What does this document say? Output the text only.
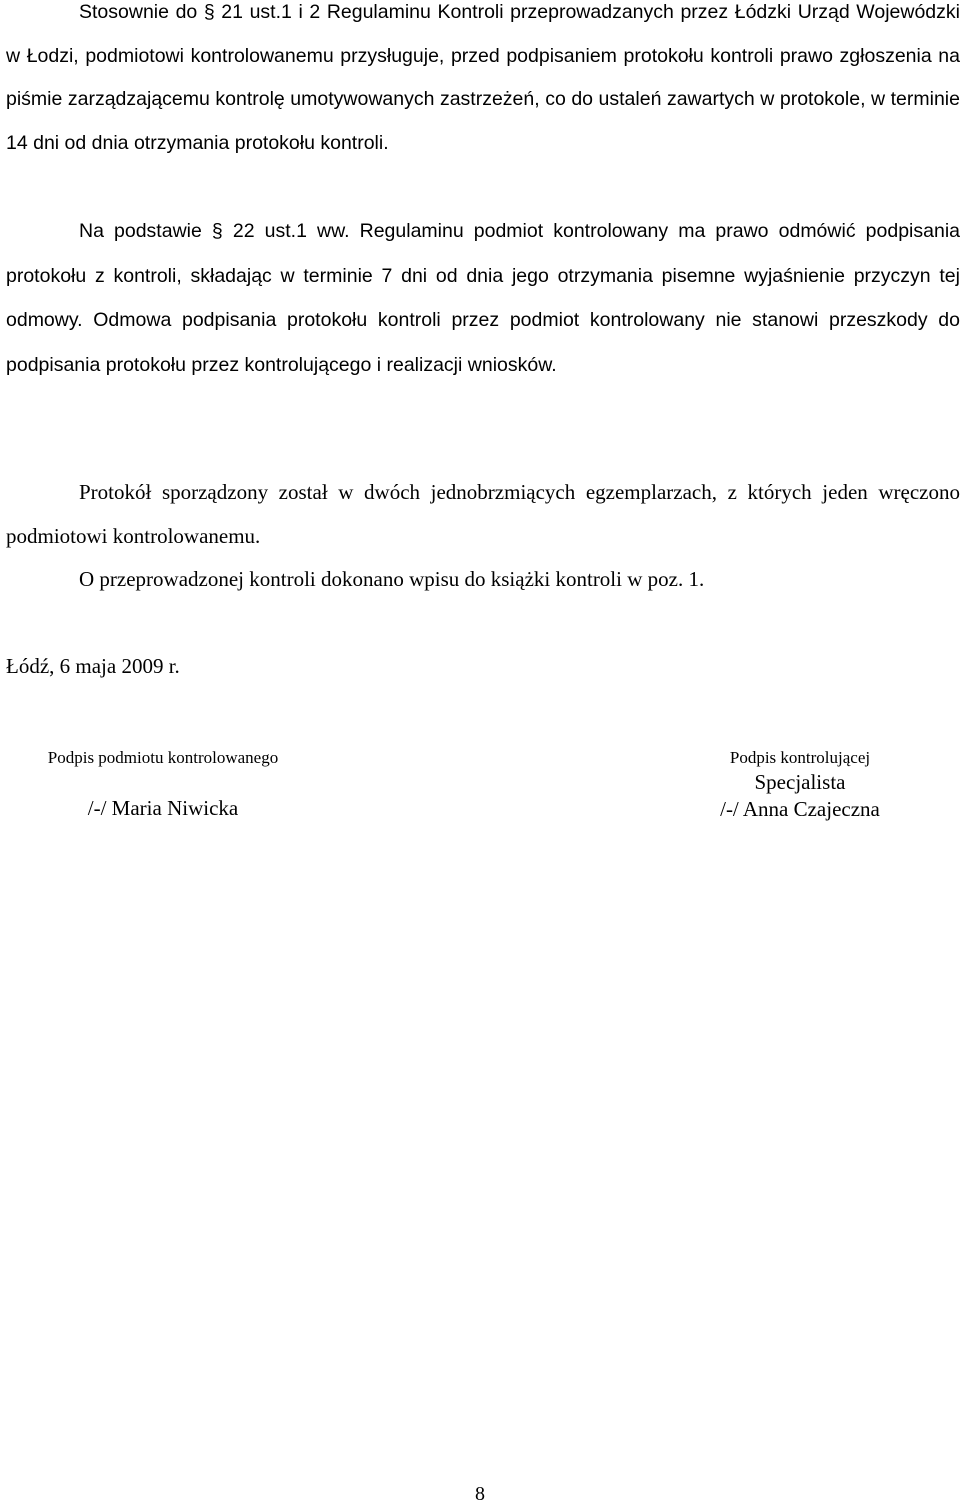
Stosownie do § 21 ust.1 i 2 Regulaminu Kontroli przeprowadzanych przez Łódzki Urząd Wojewódzki w Łodzi, podmiotowi kontrolowanemu przysługuje, przed podpisaniem protokołu kontroli prawo zgłoszenia na piśmie zarządzającemu kontrolę umotywowanych zastrzeżeń, co do ustaleń zawartych w protokole, w terminie 14 dni od dnia otrzymania protokołu kontroli.

Na podstawie § 22 ust.1 ww. Regulaminu podmiot kontrolowany ma prawo odmówić podpisania protokołu z kontroli, składając w terminie 7 dni od dnia jego otrzymania pisemne wyjaśnienie przyczyn tej odmowy. Odmowa podpisania protokołu kontroli przez podmiot kontrolowany nie stanowi przeszkody do podpisania protokołu przez kontrolującego i realizacji wniosków.

Protokół sporządzony został w dwóch jednobrzmiących egzemplarzach, z których jeden wręczono podmiotowi kontrolowanemu.

O przeprowadzonej kontroli dokonano wpisu do książki kontroli w poz. 1.

Łódź, 6 maja 2009 r.

Podpis podmiotu kontrolowanego
/-/ Maria Niwicka
Podpis kontrolującej
Specjalista
/-/ Anna Czajeczna
8
